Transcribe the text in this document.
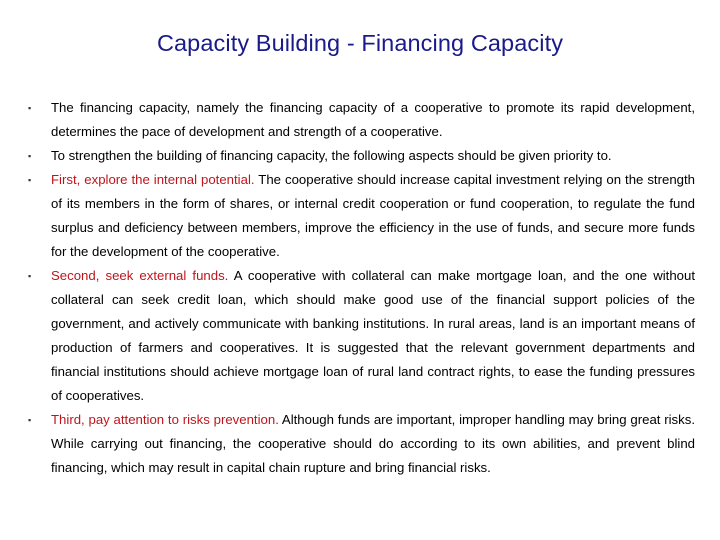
Capacity Building - Financing Capacity
▪ The financing capacity, namely the financing capacity of a cooperative to promote its rapid development, determines the pace of development and strength of a cooperative.
▪ To strengthen the building of financing capacity, the following aspects should be given priority to.
▪ First, explore the internal potential. The cooperative should increase capital investment relying on the strength of its members in the form of shares, or internal credit cooperation or fund cooperation, to regulate the fund surplus and deficiency between members, improve the efficiency in the use of funds, and secure more funds for the development of the cooperative.
▪ Second, seek external funds. A cooperative with collateral can make mortgage loan, and the one without collateral can seek credit loan, which should make good use of the financial support policies of the government, and actively communicate with banking institutions. In rural areas, land is an important means of production of farmers and cooperatives. It is suggested that the relevant government departments and financial institutions should achieve mortgage loan of rural land contract rights, to ease the funding pressures of cooperatives.
▪ Third, pay attention to risks prevention. Although funds are important, improper handling may bring great risks. While carrying out financing, the cooperative should do according to its own abilities, and prevent blind financing, which may result in capital chain rupture and bring financial risks.
